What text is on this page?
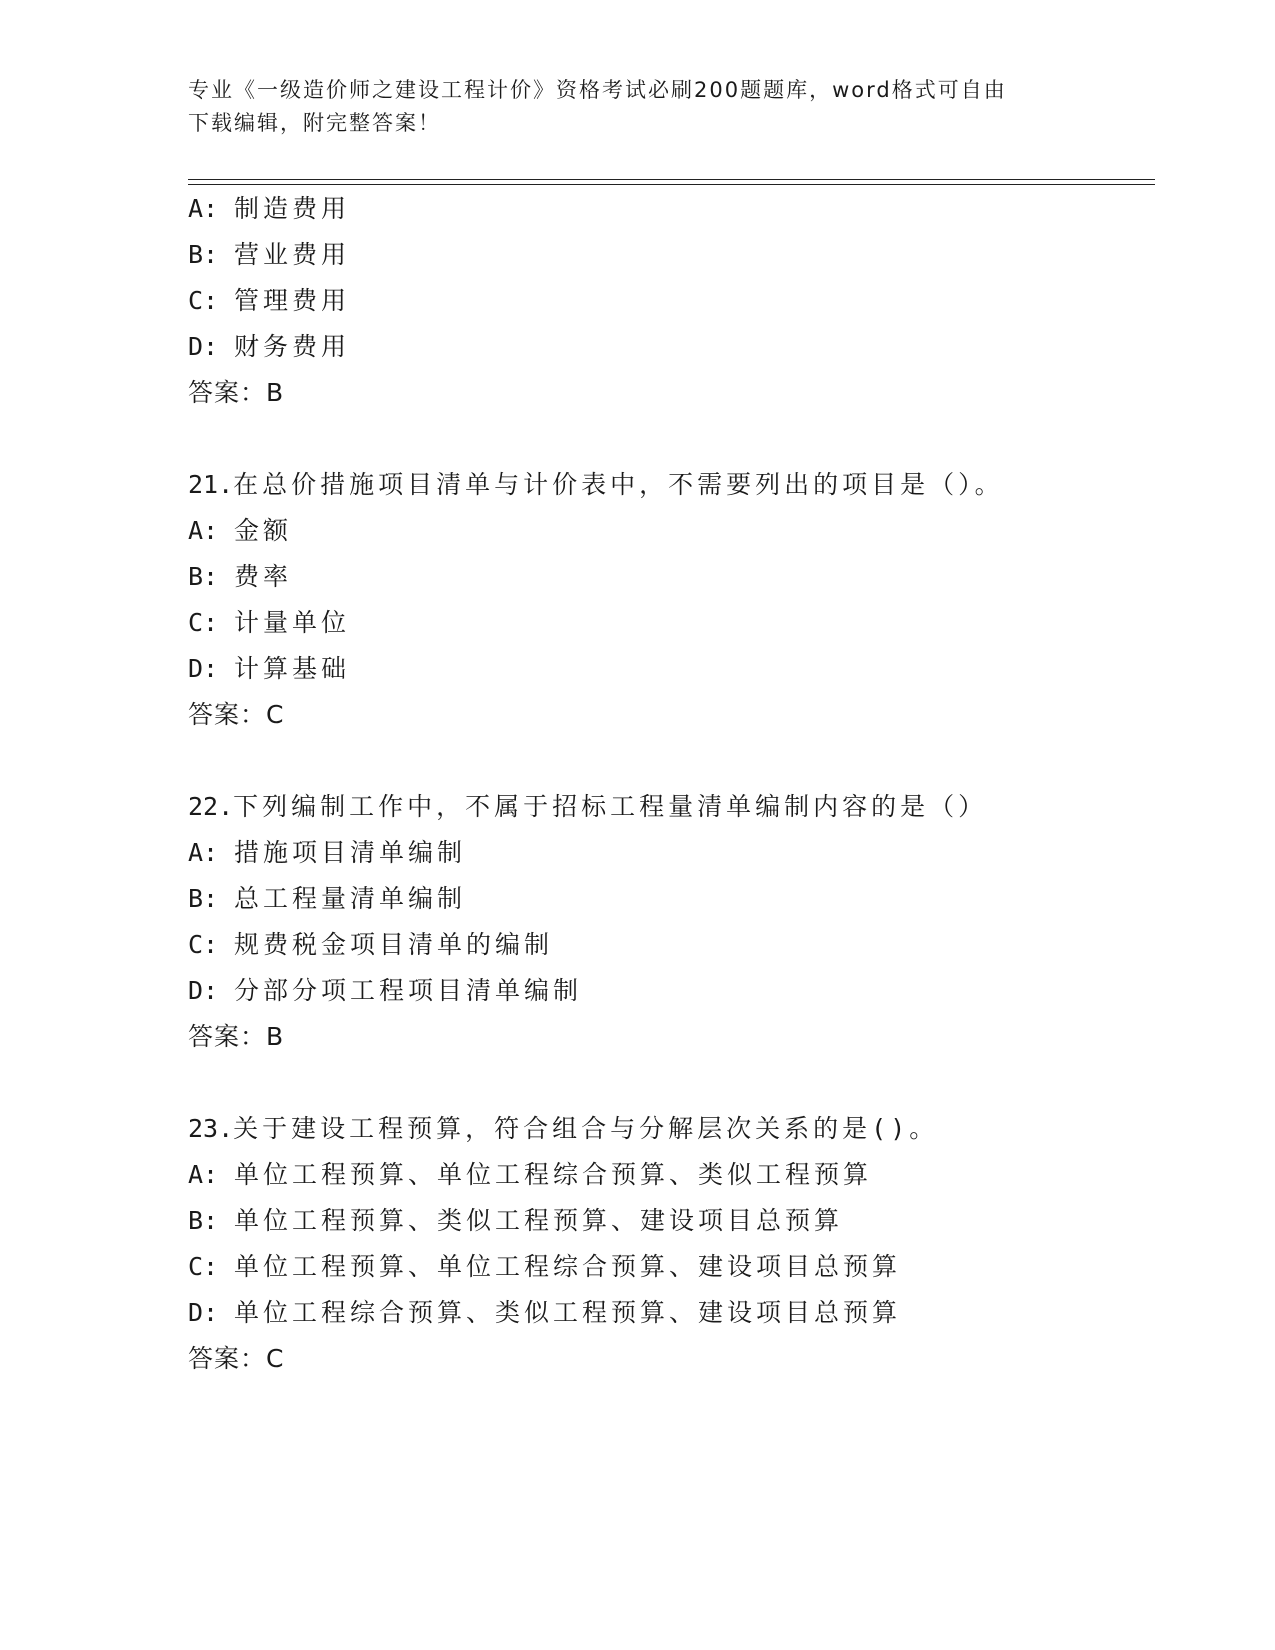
专业《一级造价师之建设工程计价》资格考试必刷200题题库，word格式可自由
下载编辑，附完整答案！
A: 制造费用
B: 营业费用
C: 管理费用
D: 财务费用
答案：B
21.在总价措施项目清单与计价表中，不需要列出的项目是（）。
A: 金额
B: 费率
C: 计量单位
D: 计算基础
答案：C
22.下列编制工作中，不属于招标工程量清单编制内容的是（）
A: 措施项目清单编制
B: 总工程量清单编制
C: 规费税金项目清单的编制
D: 分部分项工程项目清单编制
答案：B
23.关于建设工程预算，符合组合与分解层次关系的是()。
A: 单位工程预算、单位工程综合预算、类似工程预算
B: 单位工程预算、类似工程预算、建设项目总预算
C: 单位工程预算、单位工程综合预算、建设项目总预算
D: 单位工程综合预算、类似工程预算、建设项目总预算
答案：C
